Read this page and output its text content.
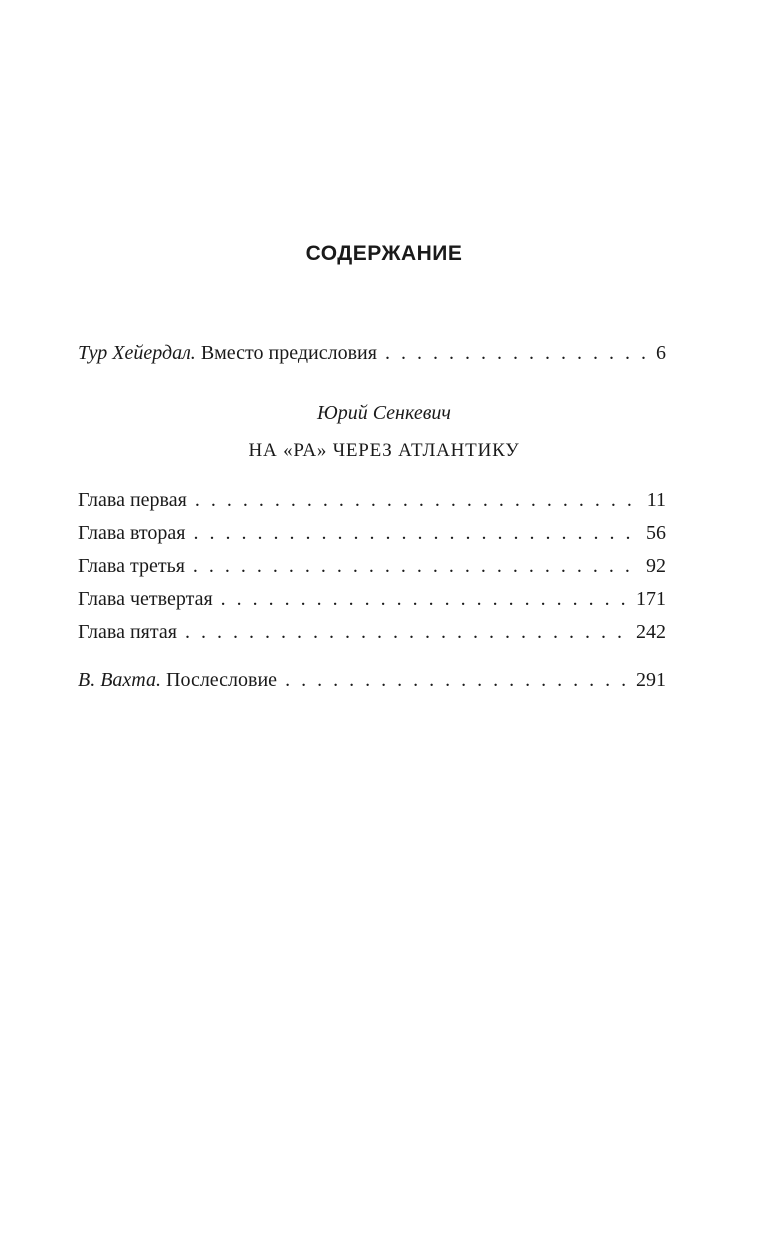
СОДЕРЖАНИЕ
Тур Хейердал. Вместо предисловия . . .	6
Юрий Сенкевич
НА «РА» ЧЕРЕЗ АТЛАНТИКУ
Глава первая . . .	11
Глава вторая . . .	56
Глава третья . . .	92
Глава четвертая . . .	171
Глава пятая . . .	242
В. Вахта. Послесловие . . .	291
